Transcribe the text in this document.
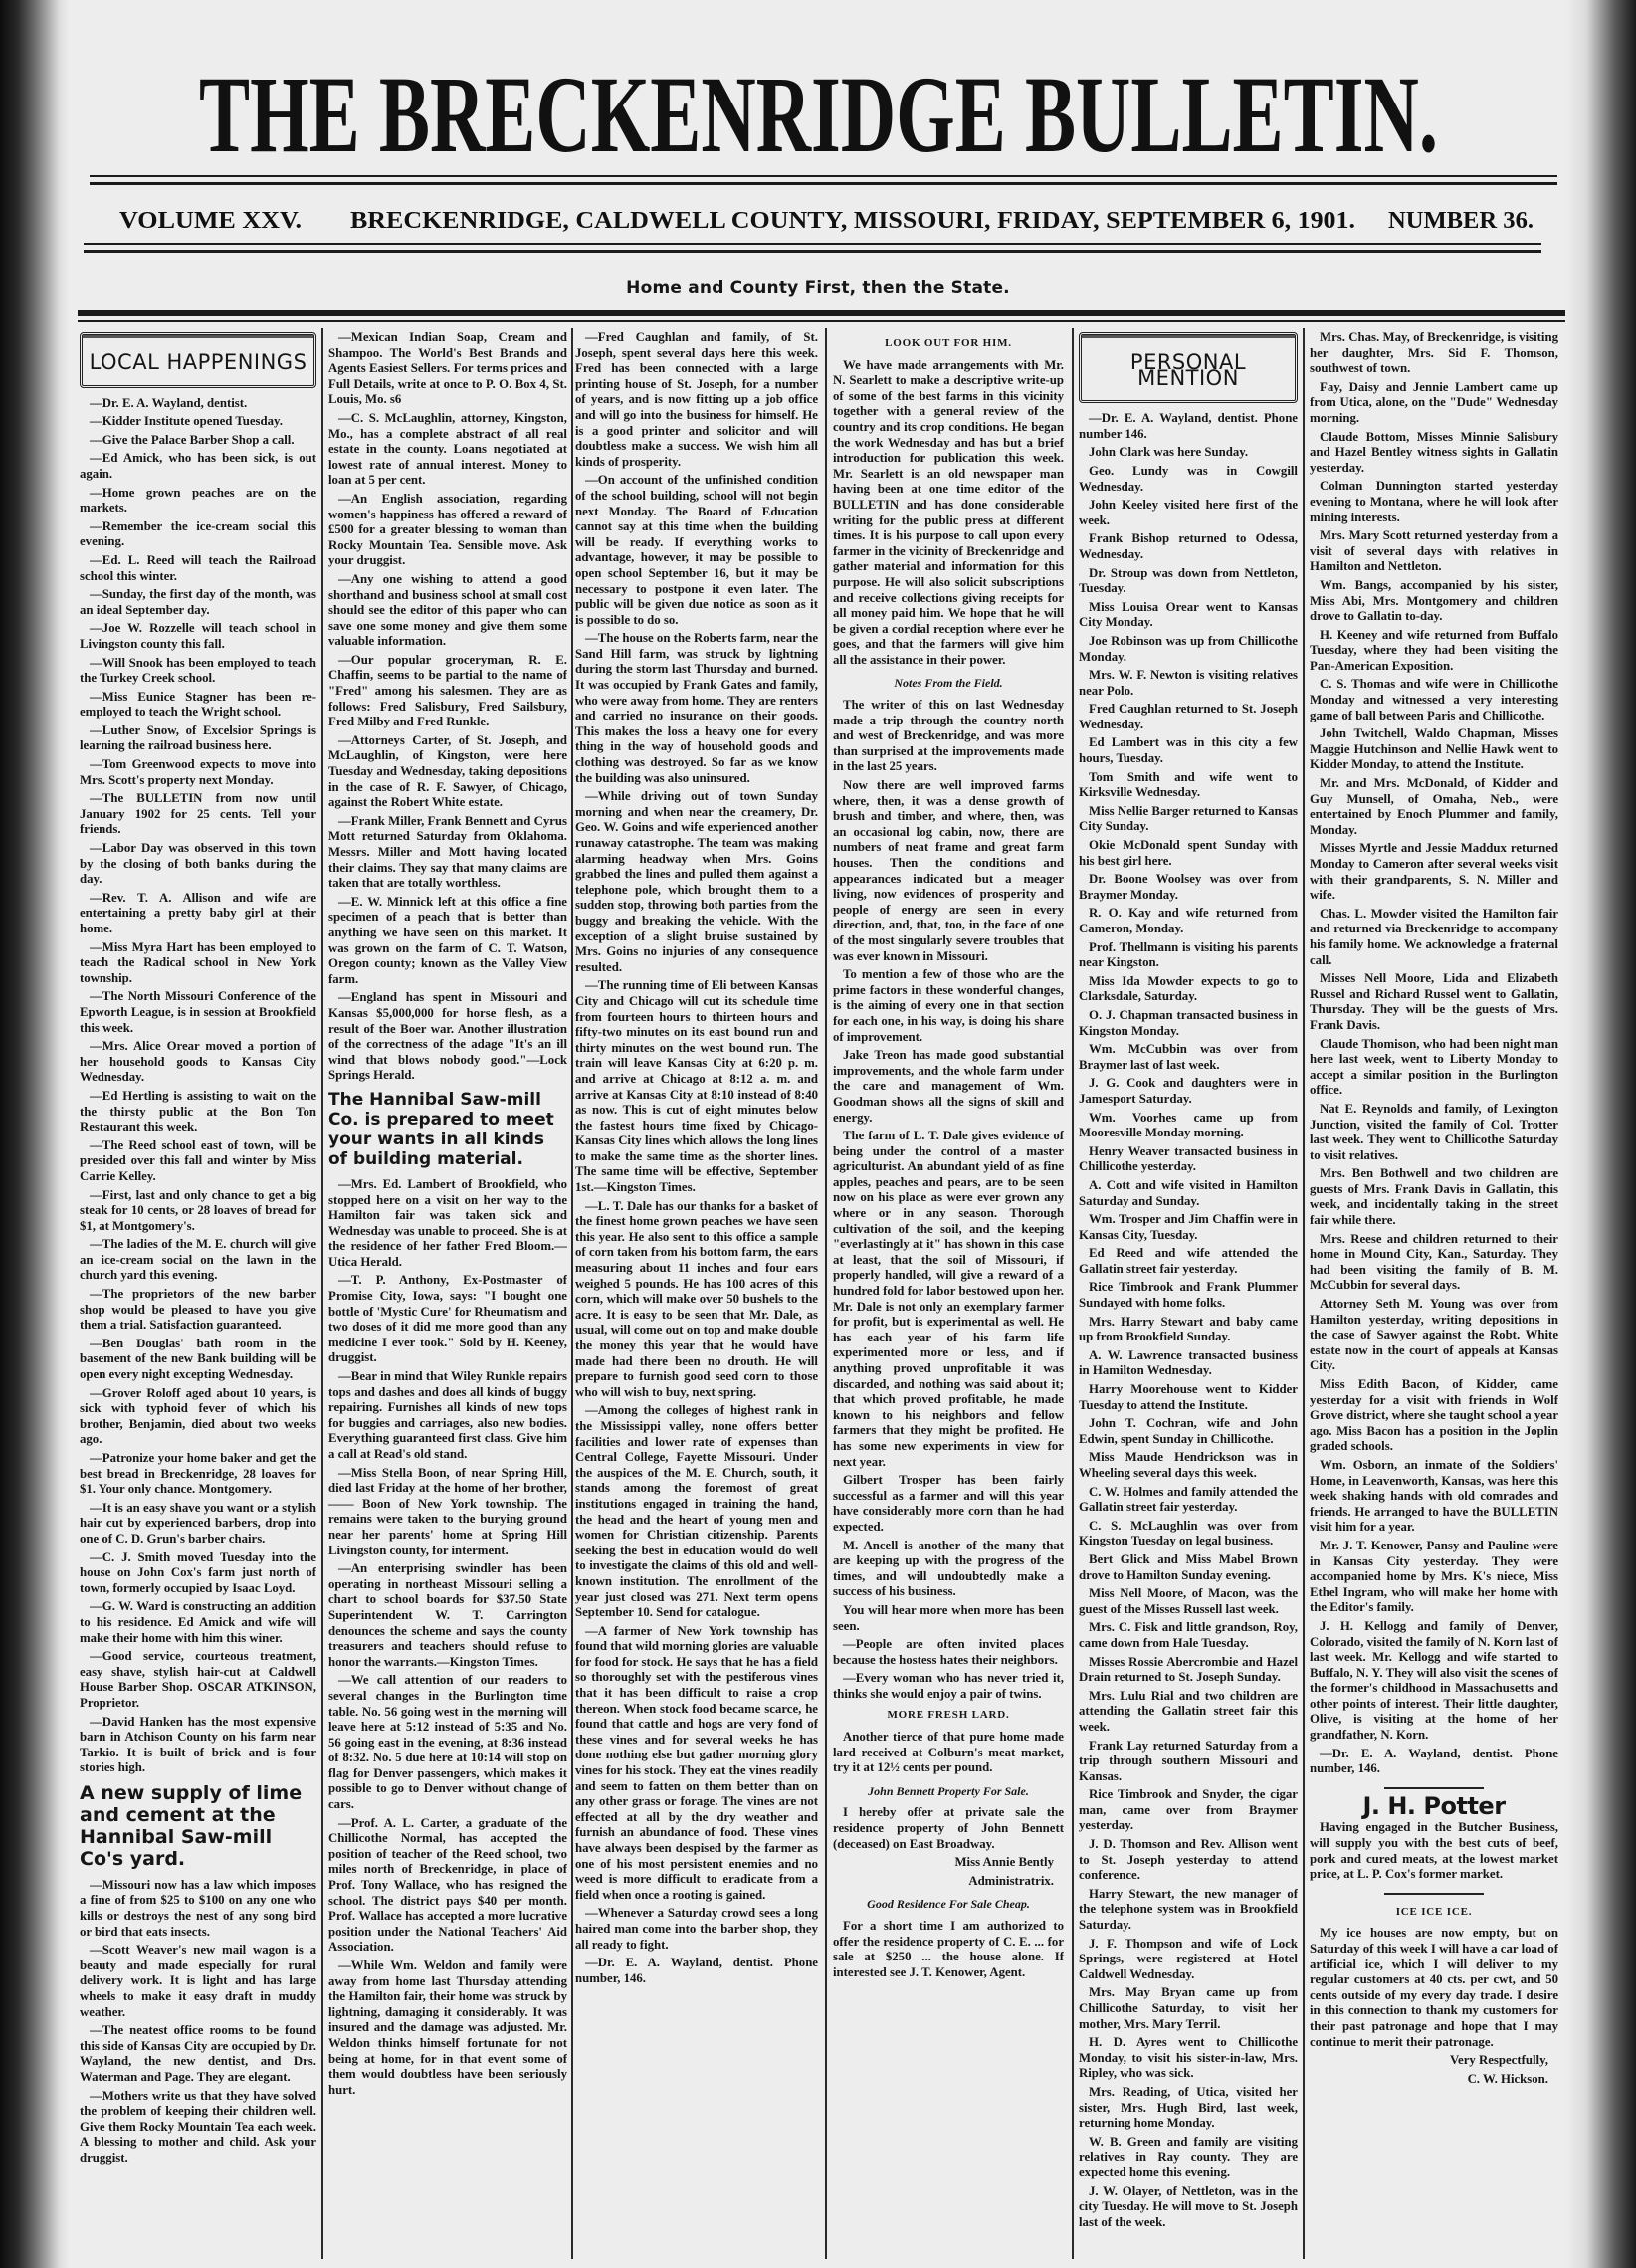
THE BRECKENRIDGE BULLETIN.
VOLUME XXV. BRECKENRIDGE, CALDWELL COUNTY, MISSOURI, FRIDAY, SEPTEMBER 6, 1901. NUMBER 36.
Home and County First, then the State.
LOCAL HAPPENINGS

—Dr. E. A. Wayland, dentist.

—Kidder Institute opened Tuesday.

—Give the Palace Barber Shop a call.

—Ed Amick, who has been sick, is out again.

—Home grown peaches are on the markets.

—Remember the ice-cream social this evening.

—Ed. L. Reed will teach the Railroad school this winter.

—Sunday, the first day of the month, was an ideal September day.

—Joe W. Rozzelle will teach school in Livingston county this fall.

—Will Snook has been employed to teach the Turkey Creek school.

—Miss Eunice Stagner has been re-employed to teach the Wright school.

—Luther Snow, of Excelsior Springs is learning the railroad business here.

—Tom Greenwood expects to move into Mrs. Scott's property next Monday.

—The BULLETIN from now until January 1902 for 25 cents. Tell your friends.

—Labor Day was observed in this town by the closing of both banks during the day.

—Rev. T. A. Allison and wife are entertaining a pretty baby girl at their home.

—Miss Myra Hart has been employed to teach the Radical school in New York township.

—The North Missouri Conference of the Epworth League, is in session at Brookfield this week.

—Mrs. Alice Orear moved a portion of her household goods to Kansas City Wednesday.

—Ed Hertling is assisting to wait on the the thirsty public at the Bon Ton Restaurant this week.

—The Reed school east of town, will be presided over this fall and winter by Miss Carrie Kelley.

—First, last and only chance to get a big steak for 10 cents, or 28 loaves of bread for $1, at Montgomery's.

—The ladies of the M. E. church will give an ice-cream social on the lawn in the church yard this evening.

—The proprietors of the new barber shop would be pleased to have you give them a trial. Satisfaction guaranteed.

—Ben Douglas' bath room in the basement of the new Bank building will be open every night excepting Wednesday.

—Grover Roloff aged about 10 years, is sick with typhoid fever of which his brother, Benjamin, died about two weeks ago.

—Patronize your home baker and get the best bread in Breckenridge, 28 loaves for $1. Your only chance. Montgomery.

—It is an easy shave you want or a stylish hair cut by experienced barbers, drop into one of C. D. Grun's barber chairs.

—C. J. Smith moved Tuesday into the house on John Cox's farm just north of town, formerly occupied by Isaac Loyd.

—G. W. Ward is constructing an addition to his residence. Ed Amick and wife will make their home with him this winer.

—Good service, courteous treatment, easy shave, stylish hair-cut at Caldwell House Barber Shop. OSCAR ATKINSON, Proprietor.

—David Hanken has the most expensive barn in Atchison County on his farm near Tarkio. It is built of brick and is four stories high.

A new supply of lime and cement at the Hannibal Saw-mill Co's yard.

—Missouri now has a law which imposes a fine of from $25 to $100 on any one who kills or destroys the nest of any song bird or bird that eats insects.

—Scott Weaver's new mail wagon is a beauty and made especially for rural delivery work. It is light and has large wheels to make it easy draft in muddy weather.

—The neatest office rooms to be found this side of Kansas City are occupied by Dr. Wayland, the new dentist, and Drs. Waterman and Page. They are elegant.

—Mothers write us that they have solved the problem of keeping their children well. Give them Rocky Mountain Tea each week. A blessing to mother and child. Ask your druggist.

—Mexican Indian Soap, Cream and Shampoo. The World's Best Brands and Agents Easiest Sellers. For terms prices and Full Details, write at once to P. O. Box 4, St. Louis, Mo. s6

—C. S. McLaughlin, attorney, Kingston, Mo., has a complete abstract of all real estate in the county. Loans negotiated at lowest rate of annual interest. Money to loan at 5 per cent.

—An English association, regarding women's happiness has offered a reward of £500 for a greater blessing to woman than Rocky Mountain Tea. Sensible move. Ask your druggist.

—Any one wishing to attend a good shorthand and business school at small cost should see the editor of this paper who can save one some money and give them some valuable information.

—Our popular groceryman, R. E. Chaffin, seems to be partial to the name of "Fred" among his salesmen. They are as follows: Fred Salisbury, Fred Sailsbury, Fred Milby and Fred Runkle.

—Attorneys Carter, of St. Joseph, and McLaughlin, of Kingston, were here Tuesday and Wednesday, taking depositions in the case of R. F. Sawyer, of Chicago, against the Robert White estate.

—Frank Miller, Frank Bennett and Cyrus Mott returned Saturday from Oklahoma. Messrs. Miller and Mott having located their claims. They say that many claims are taken that are totally worthless.

—E. W. Minnick left at this office a fine specimen of a peach that is better than anything we have seen on this market. It was grown on the farm of C. T. Watson, Oregon county; known as the Valley View farm.

—England has spent in Missouri and Kansas $5,000,000 for horse flesh, as a result of the Boer war. Another illustration of the correctness of the adage "It's an ill wind that blows nobody good."—Lock Springs Herald.

The Hannibal Saw-mill Co. is prepared to meet your wants in all kinds of building material.

—Mrs. Ed. Lambert of Brookfield, who stopped here on a visit on her way to the Hamilton fair was taken sick and Wednesday was unable to proceed. She is at the residence of her father Fred Bloom.—Utica Herald.

—T. P. Anthony, Ex-Postmaster of Promise City, Iowa, says: "I bought one bottle of 'Mystic Cure' for Rheumatism and two doses of it did me more good than any medicine I ever took." Sold by H. Keeney, druggist.

—Bear in mind that Wiley Runkle repairs tops and dashes and does all kinds of buggy repairing. Furnishes all kinds of new tops for buggies and carriages, also new bodies. Everything guaranteed first class. Give him a call at Read's old stand.

—Miss Stella Boon, of near Spring Hill, died last Friday at the home of her brother, —— Boon of New York township. The remains were taken to the burying ground near her parents' home at Spring Hill Livingston county, for interment.

—An enterprising swindler has been operating in northeast Missouri selling a chart to school boards for $37.50 State Superintendent W. T. Carrington denounces the scheme and says the county treasurers and teachers should refuse to honor the warrants.—Kingston Times.

—We call attention of our readers to several changes in the Burlington time table. No. 56 going west in the morning will leave here at 5:12 instead of 5:35 and No. 56 going east in the evening, at 8:36 instead of 8:32. No. 5 due here at 10:14 will stop on flag for Denver passengers, which makes it possible to go to Denver without change of cars.

—Prof. A. L. Carter, a graduate of the Chillicothe Normal, has accepted the position of teacher of the Reed school, two miles north of Breckenridge, in place of Prof. Tony Wallace, who has resigned the school. The district pays $40 per month. Prof. Wallace has accepted a more lucrative position under the National Teachers' Aid Association.

—While Wm. Weldon and family were away from home last Thursday attending the Hamilton fair, their home was struck by lightning, damaging it considerably. It was insured and the damage was adjusted. Mr. Weldon thinks himself fortunate for not being at home, for in that event some of them would doubtless have been seriously hurt.

—Fred Caughlan and family, of St. Joseph, spent several days here this week. Fred has been connected with a large printing house of St. Joseph, for a number of years, and is now fitting up a job office and will go into the business for himself. He is a good printer and solicitor and will doubtless make a success. We wish him all kinds of prosperity.

—On account of the unfinished condition of the school building, school will not begin next Monday. The Board of Education cannot say at this time when the building will be ready. If everything works to advantage, however, it may be possible to open school September 16, but it may be necessary to postpone it even later. The public will be given due notice as soon as it is possible to do so.

—The house on the Roberts farm, near the Sand Hill farm, was struck by lightning during the storm last Thursday and burned. It was occupied by Frank Gates and family, who were away from home. They are renters and carried no insurance on their goods. This makes the loss a heavy one for every thing in the way of household goods and clothing was destroyed. So far as we know the building was also uninsured.

—While driving out of town Sunday morning and when near the creamery, Dr. Geo. W. Goins and wife experienced another runaway catastrophe. The team was making alarming headway when Mrs. Goins grabbed the lines and pulled them against a telephone pole, which brought them to a sudden stop, throwing both parties from the buggy and breaking the vehicle. With the exception of a slight bruise sustained by Mrs. Goins no injuries of any consequence resulted.

—The running time of Eli between Kansas City and Chicago will cut its schedule time from fourteen hours to thirteen hours and fifty-two minutes on its east bound run and thirty minutes on the west bound run. The train will leave Kansas City at 6:20 p. m. and arrive at Chicago at 8:12 a. m. and arrive at Kansas City at 8:10 instead of 8:40 as now. This is cut of eight minutes below the fastest hours time fixed by Chicago-Kansas City lines which allows the long lines to make the same time as the shorter lines. The same time will be effective, September 1st.—Kingston Times.

—L. T. Dale has our thanks for a basket of the finest home grown peaches we have seen this year. He also sent to this office a sample of corn taken from his bottom farm, the ears measuring about 11 inches and four ears weighed 5 pounds. He has 100 acres of this corn, which will make over 50 bushels to the acre. It is easy to be seen that Mr. Dale, as usual, will come out on top and make double the money this year that he would have made had there been no drouth. He will prepare to furnish good seed corn to those who will wish to buy, next spring.

—Among the colleges of highest rank in the Mississippi valley, none offers better facilities and lower rate of expenses than Central College, Fayette Missouri. Under the auspices of the M. E. Church, south, it stands among the foremost of great institutions engaged in training the hand, the head and the heart of young men and women for Christian citizenship. Parents seeking the best in education would do well to investigate the claims of this old and well-known institution. The enrollment of the year just closed was 271. Next term opens September 10. Send for catalogue.

—A farmer of New York township has found that wild morning glories are valuable for food for stock. He says that he has a field so thoroughly set with the pestiferous vines that it has been difficult to raise a crop thereon. When stock food became scarce, he found that cattle and hogs are very fond of these vines and for several weeks he has done nothing else but gather morning glory vines for his stock. They eat the vines readily and seem to fatten on them better than on any other grass or forage. The vines are not effected at all by the dry weather and furnish an abundance of food. These vines have always been despised by the farmer as one of his most persistent enemies and no weed is more difficult to eradicate from a field when once a rooting is gained.

—Whenever a Saturday crowd sees a long haired man come into the barber shop, they all ready to fight.

—Dr. E. A. Wayland, dentist. Phone number, 146.

LOOK OUT FOR HIM.

We have made arrangements with Mr. N. Searlett to make a descriptive write-up of some of the best farms in this vicinity together with a general review of the country and its crop conditions. He began the work Wednesday and has but a brief introduction for publication this week. Mr. Searlett is an old newspaper man having been at one time editor of the BULLETIN and has done considerable writing for the public press at different times. It is his purpose to call upon every farmer in the vicinity of Breckenridge and gather material and information for this purpose. He will also solicit subscriptions and receive collections giving receipts for all money paid him. We hope that he will be given a cordial reception where ever he goes, and that the farmers will give him all the assistance in their power.

Notes From the Field.

The writer of this on last Wednesday made a trip through the country north and west of Breckenridge, and was more than surprised at the improvements made in the last 25 years.

Now there are well improved farms where, then, it was a dense growth of brush and timber, and where, then, was an occasional log cabin, now, there are numbers of neat frame and great farm houses. Then the conditions and appearances indicated but a meager living, now evidences of prosperity and people of energy are seen in every direction, and, that, too, in the face of one of the most singularly severe troubles that was ever known in Missouri.

To mention a few of those who are the prime factors in these wonderful changes, is the aiming of every one in that section for each one, in his way, is doing his share of improvement.

Jake Treon has made good substantial improvements, and the whole farm under the care and management of Wm. Goodman shows all the signs of skill and energy.

The farm of L. T. Dale gives evidence of being under the control of a master agriculturist. An abundant yield of as fine apples, peaches and pears, are to be seen now on his place as were ever grown any where or in any season. Thorough cultivation of the soil, and the keeping "everlastingly at it" has shown in this case at least, that the soil of Missouri, if properly handled, will give a reward of a hundred fold for labor bestowed upon her. Mr. Dale is not only an exemplary farmer for profit, but is experimental as well. He has each year of his farm life experimented more or less, and if anything proved unprofitable it was discarded, and nothing was said about it; that which proved profitable, he made known to his neighbors and fellow farmers that they might be profited. He has some new experiments in view for next year.

Gilbert Trosper has been fairly successful as a farmer and will this year have considerably more corn than he had expected.

M. Ancell is another of the many that are keeping up with the progress of the times, and will undoubtedly make a success of his business.

You will hear more when more has been seen.

—People are often invited places because the hostess hates their neighbors.

—Every woman who has never tried it, thinks she would enjoy a pair of twins.

MORE FRESH LARD.

Another tierce of that pure home made lard received at Colburn's meat market, try it at 12½ cents per pound.

John Bennett Property For Sale.

I hereby offer at private sale the residence property of John Bennett (deceased) on East Broadway.

Miss Annie Bently
Administratrix.
Good Residence For Sale Cheap.

For a short time I am authorized to offer the residence property of C. E. ... for sale at $250 ... the house alone. If interested see J. T. Kenower, Agent.

PERSONAL MENTION

—Dr. E. A. Wayland, dentist. Phone number 146.

John Clark was here Sunday.

Geo. Lundy was in Cowgill Wednesday.

John Keeley visited here first of the week.

Frank Bishop returned to Odessa, Wednesday.

Dr. Stroup was down from Nettleton, Tuesday.

Miss Louisa Orear went to Kansas City Monday.

Joe Robinson was up from Chillicothe Monday.

Mrs. W. F. Newton is visiting relatives near Polo.

Fred Caughlan returned to St. Joseph Wednesday.

Ed Lambert was in this city a few hours, Tuesday.

Tom Smith and wife went to Kirksville Wednesday.

Miss Nellie Barger returned to Kansas City Sunday.

Okie McDonald spent Sunday with his best girl here.

Dr. Boone Woolsey was over from Braymer Monday.

R. O. Kay and wife returned from Cameron, Monday.

Prof. Thellmann is visiting his parents near Kingston.

Miss Ida Mowder expects to go to Clarksdale, Saturday.

O. J. Chapman transacted business in Kingston Monday.

Wm. McCubbin was over from Braymer last of last week.

J. G. Cook and daughters were in Jamesport Saturday.

Wm. Voorhes came up from Mooresville Monday morning.

Henry Weaver transacted business in Chillicothe yesterday.

A. Cott and wife visited in Hamilton Saturday and Sunday.

Wm. Trosper and Jim Chaffin were in Kansas City, Tuesday.

Ed Reed and wife attended the Gallatin street fair yesterday.

Rice Timbrook and Frank Plummer Sundayed with home folks.

Mrs. Harry Stewart and baby came up from Brookfield Sunday.

A. W. Lawrence transacted business in Hamilton Wednesday.

Harry Moorehouse went to Kidder Tuesday to attend the Institute.

John T. Cochran, wife and John Edwin, spent Sunday in Chillicothe.

Miss Maude Hendrickson was in Wheeling several days this week.

C. W. Holmes and family attended the Gallatin street fair yesterday.

C. S. McLaughlin was over from Kingston Tuesday on legal business.

Bert Glick and Miss Mabel Brown drove to Hamilton Sunday evening.

Miss Nell Moore, of Macon, was the guest of the Misses Russell last week.

Mrs. C. Fisk and little grandson, Roy, came down from Hale Tuesday.

Misses Rossie Abercrombie and Hazel Drain returned to St. Joseph Sunday.

Mrs. Lulu Rial and two children are attending the Gallatin street fair this week.

Frank Lay returned Saturday from a trip through southern Missouri and Kansas.

Rice Timbrook and Snyder, the cigar man, came over from Braymer yesterday.

J. D. Thomson and Rev. Allison went to St. Joseph yesterday to attend conference.

Harry Stewart, the new manager of the telephone system was in Brookfield Saturday.

J. F. Thompson and wife of Lock Springs, were registered at Hotel Caldwell Wednesday.

Mrs. May Bryan came up from Chillicothe Saturday, to visit her mother, Mrs. Mary Terril.

H. D. Ayres went to Chillicothe Monday, to visit his sister-in-law, Mrs. Ripley, who was sick.

Mrs. Reading, of Utica, visited her sister, Mrs. Hugh Bird, last week, returning home Monday.

W. B. Green and family are visiting relatives in Ray county. They are expected home this evening.

J. W. Olayer, of Nettleton, was in the city Tuesday. He will move to St. Joseph last of the week.

Mrs. Chas. May, of Breckenridge, is visiting her daughter, Mrs. Sid F. Thomson, southwest of town.

Fay, Daisy and Jennie Lambert came up from Utica, alone, on the "Dude" Wednesday morning.

Claude Bottom, Misses Minnie Salisbury and Hazel Bentley witness sights in Gallatin yesterday.

Colman Dunnington started yesterday evening to Montana, where he will look after mining interests.

Mrs. Mary Scott returned yesterday from a visit of several days with relatives in Hamilton and Nettleton.

Wm. Bangs, accompanied by his sister, Miss Abi, Mrs. Montgomery and children drove to Gallatin to-day.

H. Keeney and wife returned from Buffalo Tuesday, where they had been visiting the Pan-American Exposition.

C. S. Thomas and wife were in Chillicothe Monday and witnessed a very interesting game of ball between Paris and Chillicothe.

John Twitchell, Waldo Chapman, Misses Maggie Hutchinson and Nellie Hawk went to Kidder Monday, to attend the Institute.

Mr. and Mrs. McDonald, of Kidder and Guy Munsell, of Omaha, Neb., were entertained by Enoch Plummer and family, Monday.

Misses Myrtle and Jessie Maddux returned Monday to Cameron after several weeks visit with their grandparents, S. N. Miller and wife.

Chas. L. Mowder visited the Hamilton fair and returned via Breckenridge to accompany his family home. We acknowledge a fraternal call.

Misses Nell Moore, Lida and Elizabeth Russel and Richard Russel went to Gallatin, Thursday. They will be the guests of Mrs. Frank Davis.

Claude Thomison, who had been night man here last week, went to Liberty Monday to accept a similar position in the Burlington office.

Nat E. Reynolds and family, of Lexington Junction, visited the family of Col. Trotter last week. They went to Chillicothe Saturday to visit relatives.

Mrs. Ben Bothwell and two children are guests of Mrs. Frank Davis in Gallatin, this week, and incidentally taking in the street fair while there.

Mrs. Reese and children returned to their home in Mound City, Kan., Saturday. They had been visiting the family of B. M. McCubbin for several days.

Attorney Seth M. Young was over from Hamilton yesterday, writing depositions in the case of Sawyer against the Robt. White estate now in the court of appeals at Kansas City.

Miss Edith Bacon, of Kidder, came yesterday for a visit with friends in Wolf Grove district, where she taught school a year ago. Miss Bacon has a position in the Joplin graded schools.

Wm. Osborn, an inmate of the Soldiers' Home, in Leavenworth, Kansas, was here this week shaking hands with old comrades and friends. He arranged to have the BULLETIN visit him for a year.

Mr. J. T. Kenower, Pansy and Pauline were in Kansas City yesterday. They were accompanied home by Mrs. K's niece, Miss Ethel Ingram, who will make her home with the Editor's family.

J. H. Kellogg and family of Denver, Colorado, visited the family of N. Korn last of last week. Mr. Kellogg and wife started to Buffalo, N. Y. They will also visit the scenes of the former's childhood in Massachusetts and other points of interest. Their little daughter, Olive, is visiting at the home of her grandfather, N. Korn.

—Dr. E. A. Wayland, dentist. Phone number, 146.

J. H. Potter

Having engaged in the Butcher Business, will supply you with the best cuts of beef, pork and cured meats, at the lowest market price, at L. P. Cox's former market.

ICE ICE ICE.

My ice houses are now empty, but on Saturday of this week I will have a car load of artificial ice, which I will deliver to my regular customers at 40 cts. per cwt, and 50 cents outside of my every day trade. I desire in this connection to thank my customers for their past patronage and hope that I may continue to merit their patronage.

Very Respectfully,
C. W. Hickson.
